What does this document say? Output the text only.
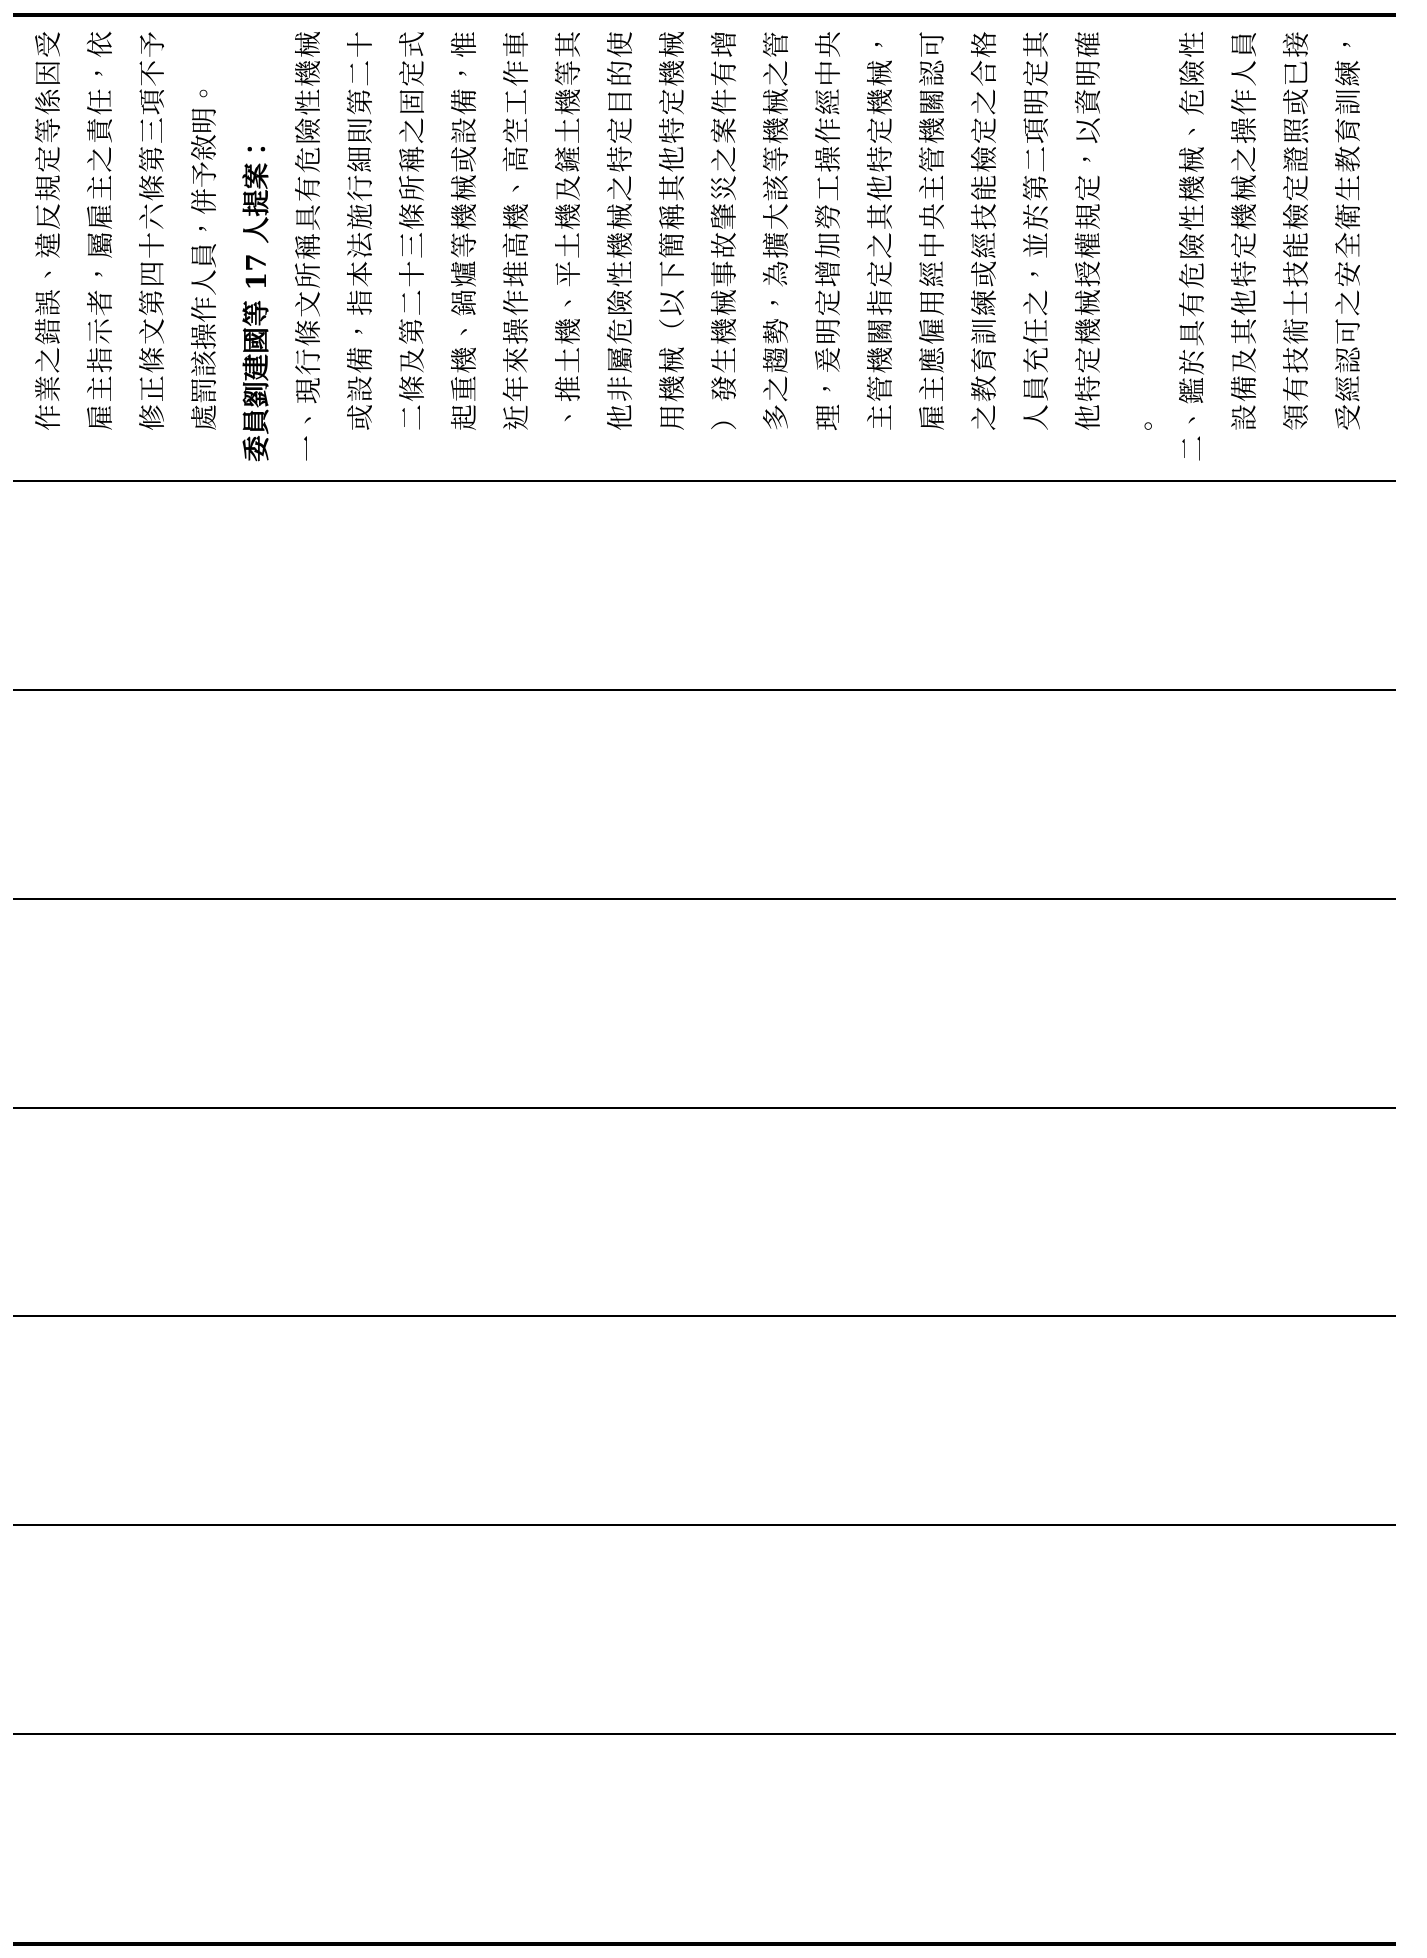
作業之錯誤、違反規定等係因受 雇主指示者，屬雇主之責任，依 修正條文第四十六條第三項不予 處罰該操作人員，併予敘明。 委員劉建國等 17 人提案： 一、現行條文所稱具有危險性機械 或設備，指本法施行細則第二十 二條及第二十三條所稱之固定式 起重機、鍋爐等機械或設備，惟 近年來操作堆高機、高空工作車 、推土機、平土機及鏟土機等其 他非屬危險性機械之特定目的使 用機械（以下簡稱其他特定機械 ）發生機械事故肇災之案件有增 多之趨勢，為擴大該等機械之管 理，爰明定增加勞工操作經中央 主管機關指定之其他特定機械， 雇主應僱用經中央主管機關認可 之教育訓練或經技能檢定之合格 人員充任之，並於第二項明定其 他特定機械授權規定，以資明確 。 二、鑑於具有危險性機械、危險性 設備及其他特定機械之操作人員 領有技術士技能檢定證照或已接 受經認可之安全衛生教育訓練，
